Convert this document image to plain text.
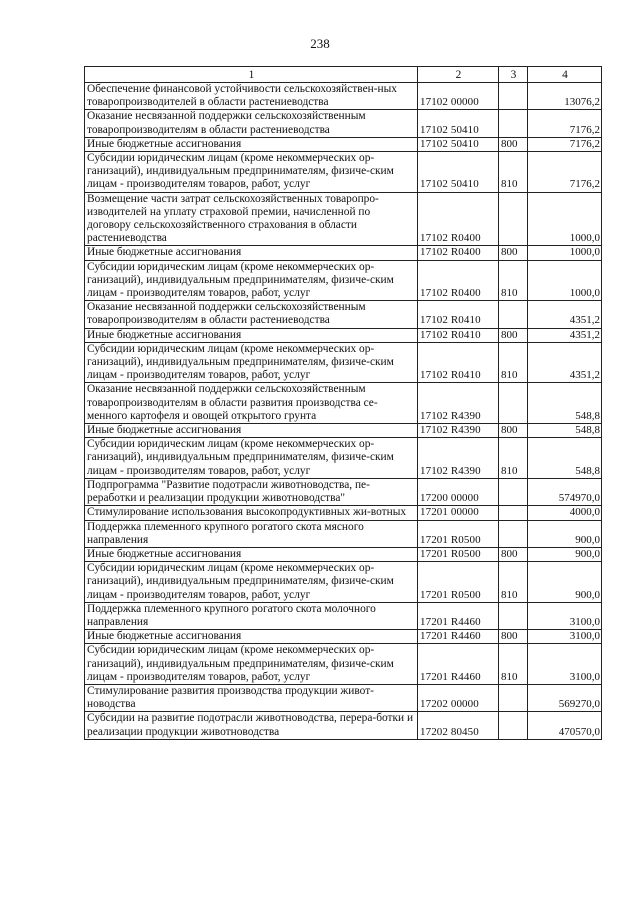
238
1	2	3	4
Обеспечение финансовой устойчивости сельскохозяйствен-ных товаропроизводителей в области растениеводства	17102 00000		13076,2
Оказание несвязанной поддержки сельскохозяйственным товаропроизводителям в области растениеводства	17102 50410		7176,2
Иные бюджетные ассигнования	17102 50410	800	7176,2
Субсидии юридическим лицам (кроме некоммерческих ор-ганизаций), индивидуальным предпринимателям, физиче-ским лицам - производителям товаров, работ, услуг	17102 50410	810	7176,2
Возмещение части затрат сельскохозяйственных товаропро-изводителей на уплату страховой премии, начисленной по договору сельскохозяйственного страхования в области растениеводства	17102 R0400		1000,0
Иные бюджетные ассигнования	17102 R0400	800	1000,0
Субсидии юридическим лицам (кроме некоммерческих ор-ганизаций), индивидуальным предпринимателям, физиче-ским лицам - производителям товаров, работ, услуг	17102 R0400	810	1000,0
Оказание несвязанной поддержки сельскохозяйственным товаропроизводителям в области растениеводства	17102 R0410		4351,2
Иные бюджетные ассигнования	17102 R0410	800	4351,2
Субсидии юридическим лицам (кроме некоммерческих ор-ганизаций), индивидуальным предпринимателям, физиче-ским лицам - производителям товаров, работ, услуг	17102 R0410	810	4351,2
Оказание несвязанной поддержки сельскохозяйственным товаропроизводителям в области развития производства се-менного картофеля и овощей открытого грунта	17102 R4390		548,8
Иные бюджетные ассигнования	17102 R4390	800	548,8
Субсидии юридическим лицам (кроме некоммерческих ор-ганизаций), индивидуальным предпринимателям, физиче-ским лицам - производителям товаров, работ, услуг	17102 R4390	810	548,8
Подпрограмма "Развитие подотрасли животноводства, пе-реработки и реализации продукции животноводства"	17200 00000		574970,0
Стимулирование использования высокопродуктивных жи-вотных	17201 00000		4000,0
Поддержка племенного крупного рогатого скота мясного направления	17201 R0500		900,0
Иные бюджетные ассигнования	17201 R0500	800	900,0
Субсидии юридическим лицам (кроме некоммерческих ор-ганизаций), индивидуальным предпринимателям, физиче-ским лицам - производителям товаров, работ, услуг	17201 R0500	810	900,0
Поддержка племенного крупного рогатого скота молочного направления	17201 R4460		3100,0
Иные бюджетные ассигнования	17201 R4460	800	3100,0
Субсидии юридическим лицам (кроме некоммерческих ор-ганизаций), индивидуальным предпринимателям, физиче-ским лицам - производителям товаров, работ, услуг	17201 R4460	810	3100,0
Стимулирование развития производства продукции живот-новодства	17202 00000		569270,0
Субсидии на развитие подотрасли животноводства, перера-ботки и реализации продукции животноводства	17202 80450		470570,0
